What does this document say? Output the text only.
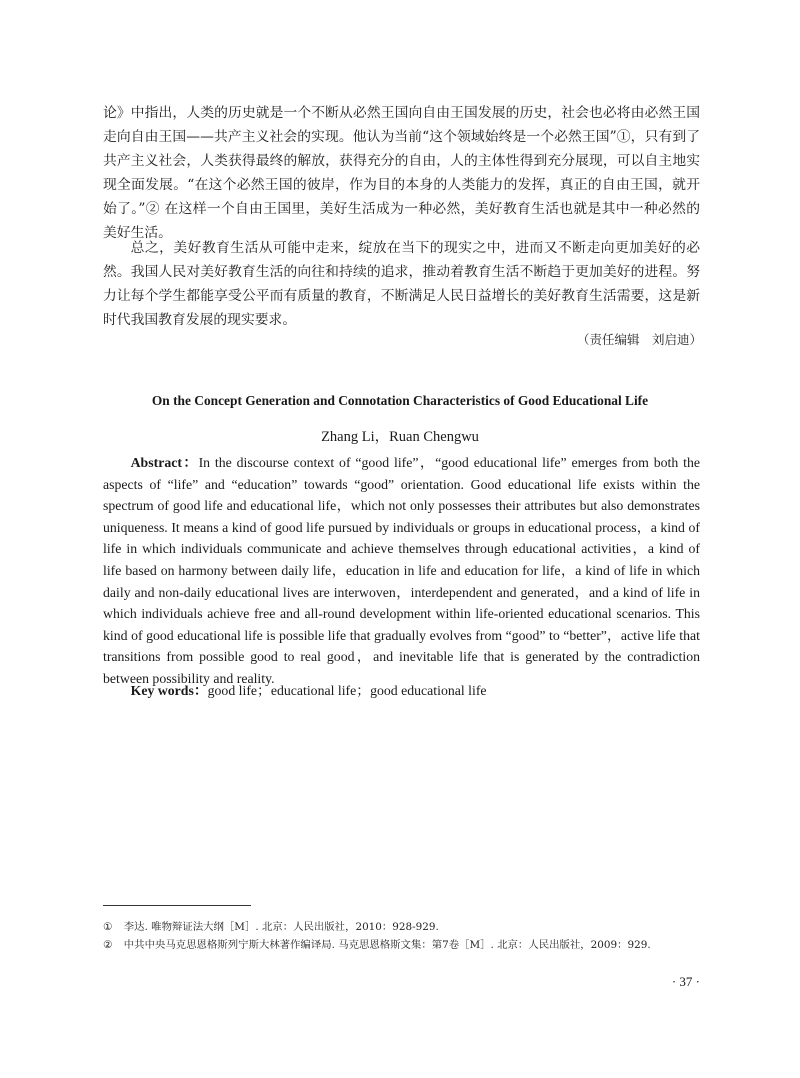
论》中指出，人类的历史就是一个不断从必然王国向自由王国发展的历史，社会也必将由必然王国走向自由王国——共产主义社会的实现。他认为当前“这个领域始终是一个必然王国”①，只有到了共产主义社会，人类获得最终的解放，获得充分的自由，人的主体性得到充分展现，可以自主地实现全面发展。“在这个必然王国的彼岸，作为目的本身的人类能力的发挥，真正的自由王国，就开始了。”② 在这样一个自由王国里，美好生活成为一种必然，美好教育生活也就是其中一种必然的美好生活。

总之，美好教育生活从可能中走来，绽放在当下的现实之中，进而又不断走向更加美好的必然。我国人民对美好教育生活的向往和持续的追求，推动着教育生活不断趋于更加美好的进程。努力让每个学生都能享受公平而有质量的教育，不断满足人民日益增长的美好教育生活需要，这是新时代我国教育发展的现实要求。

（责任编辑　刘启迪）

On the Concept Generation and Connotation Characteristics of Good Educational Life

Zhang Li，Ruan Chengwu

Abstract：In the discourse context of “good life”，“good educational life” emerges from both the aspects of “life” and “education” towards “good” orientation. Good educational life exists within the spectrum of good life and educational life，which not only possesses their attributes but also demonstrates uniqueness. It means a kind of good life pursued by individuals or groups in educational process，a kind of life in which individuals communicate and achieve themselves through educational activities，a kind of life based on harmony between daily life，education in life and education for life，a kind of life in which daily and non-daily educational lives are interwoven，interdependent and generated，and a kind of life in which individuals achieve free and all-round development within life-oriented educational scenarios. This kind of good educational life is possible life that gradually evolves from “good” to “better”，active life that transitions from possible good to real good，and inevitable life that is generated by the contradiction between possibility and reality.

Key words：good life；educational life；good educational life

① 李达. 唯物辩证法大纲［M］. 北京：人民出版社，2010：928-929.

② 中共中央马克思恩格斯列宁斯大林著作编译局. 马克思恩格斯文集：第7卷［M］. 北京：人民出版社，2009：929.

· 37 ·
